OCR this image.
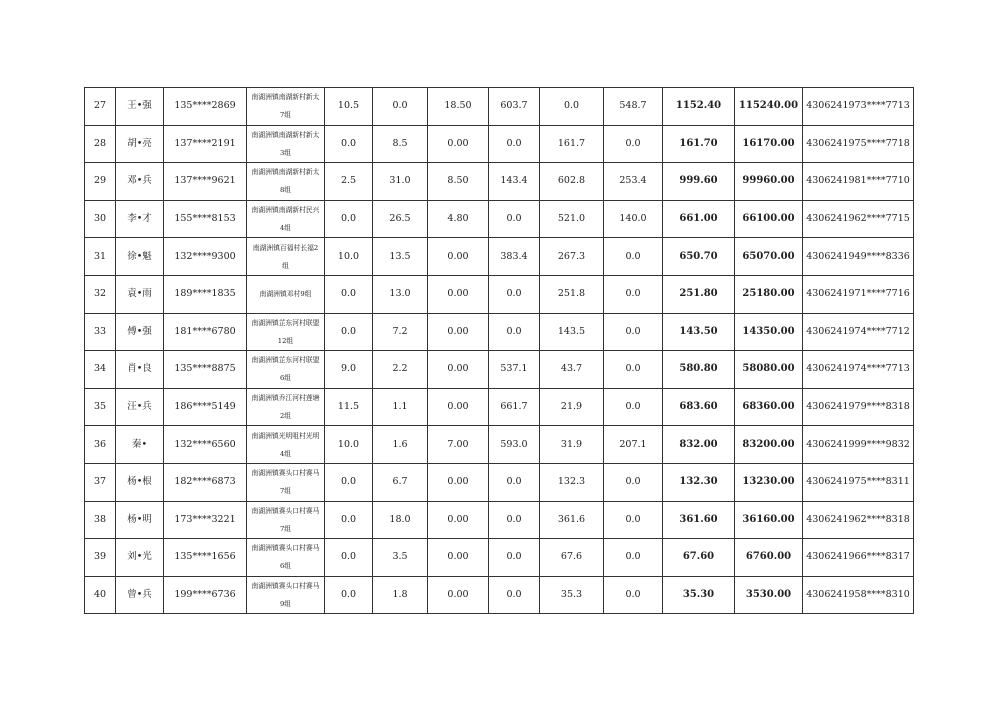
27	王•强	135****2869	南湖洲镇南湖新村新太7组	10.5	0.0	18.50	603.7	0.0	548.7	1152.40	115240.00	4306241973****7713
28	胡•亮	137****2191	南湖洲镇南湖新村新太3组	0.0	8.5	0.00	0.0	161.7	0.0	161.70	16170.00	4306241975****7718
29	邓•兵	137****9621	南湖洲镇南湖新村新太8组	2.5	31.0	8.50	143.4	602.8	253.4	999.60	99960.00	4306241981****7710
30	李•才	155****8153	南湖洲镇南湖新村民兴4组	0.0	26.5	4.80	0.0	521.0	140.0	661.00	66100.00	4306241962****7715
31	徐•魁	132****9300	南湖洲镇百福村长福2组	10.0	13.5	0.00	383.4	267.3	0.0	650.70	65070.00	4306241949****8336
32	袁•雨	189****1835	南湖洲镇邓村9组	0.0	13.0	0.00	0.0	251.8	0.0	251.80	25180.00	4306241971****7716
33	傅•强	181****6780	南湖洲镇芷东河村联盟12组	0.0	7.2	0.00	0.0	143.5	0.0	143.50	14350.00	4306241974****7712
34	肖•良	135****8875	南湖洲镇芷东河村联盟6组	9.0	2.2	0.00	537.1	43.7	0.0	580.80	58080.00	4306241974****7713
35	汪•兵	186****5149	南湖洲镇乔江河村莲塘2组	11.5	1.1	0.00	661.7	21.9	0.0	683.60	68360.00	4306241979****8318
36	秦•	132****6560	南湖洲镇光明咀村光明4组	10.0	1.6	7.00	593.0	31.9	207.1	832.00	83200.00	4306241999****9832
37	杨•根	182****6873	南湖洲镇赛头口村赛马7组	0.0	6.7	0.00	0.0	132.3	0.0	132.30	13230.00	4306241975****8311
38	杨•明	173****3221	南湖洲镇赛头口村赛马7组	0.0	18.0	0.00	0.0	361.6	0.0	361.60	36160.00	4306241962****8318
39	刘•光	135****1656	南湖洲镇赛头口村赛马6组	0.0	3.5	0.00	0.0	67.6	0.0	67.60	6760.00	4306241966****8317
40	曾•兵	199****6736	南湖洲镇赛头口村赛马9组	0.0	1.8	0.00	0.0	35.3	0.0	35.30	3530.00	4306241958****8310
